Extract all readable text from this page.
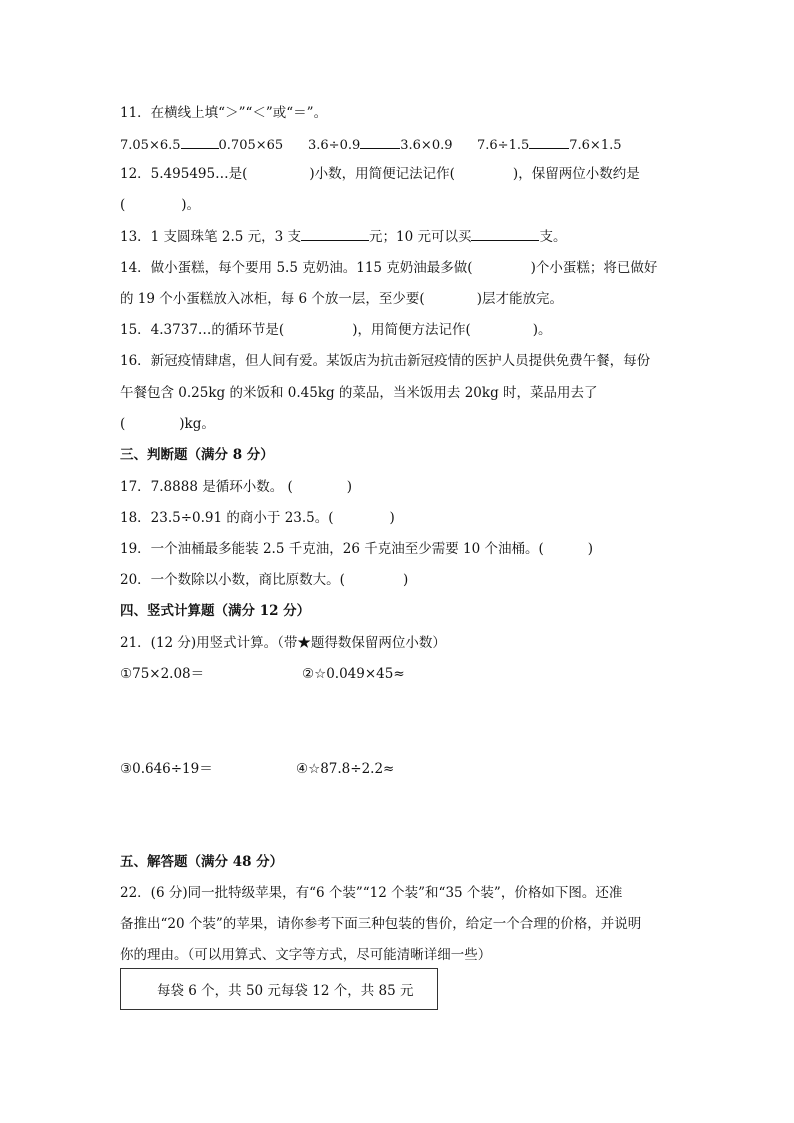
11．在横线上填“＞”“＜”或“＝”。
7.05×6.5	0.705×65 3.6÷0.9	3.6×0.9 7.6÷1.5	7.6×1.5
12．5.495495…是(	)小数，用简便记法记作(	)，保留两位小数约是
(	)。
13．1 支圆珠笔 2.5 元，3 支	元；10 元可以买	支。
14．做小蛋糕，每个要用 5.5 克奶油。115 克奶油最多做(	)个小蛋糕；将已做好
的 19 个小蛋糕放入冰柜，每 6 个放一层，至少要(	)层才能放完。
15．4.3737…的循环节是(	)，用简便方法记作(	)。
16．新冠疫情肆虐，但人间有爱。某饭店为抗击新冠疫情的医护人员提供免费午餐，每份
午餐包含 0.25kg 的米饭和 0.45kg 的菜品，当米饭用去 20kg 时，菜品用去了
(	)kg。
三、判断题（满分 8 分）
17．7.8888 是循环小数。 (	)
18．23.5÷0.91 的商小于 23.5。(	)
19．一个油桶最多能装 2.5 千克油，26 千克油至少需要 10 个油桶。(	)
20．一个数除以小数，商比原数大。(	)
四、竖式计算题（满分 12 分）
21．(12 分)用竖式计算。（带★题得数保留两位小数）
①75×2.08＝	②☆0.049×45≈
③0.646÷19＝	④☆87.8÷2.2≈
五、解答题（满分 48 分）
22．(6 分)同一批特级苹果，有“6 个装”“12 个装”和“35 个装”，价格如下图。还准
备推出“20 个装”的苹果，请你参考下面三种包装的售价，给定一个合理的价格，并说明
你的理由。（可以用算式、文字等方式，尽可能清晰详细一些）
每袋 6 个，共 50 元每袋 12 个，共 85 元
